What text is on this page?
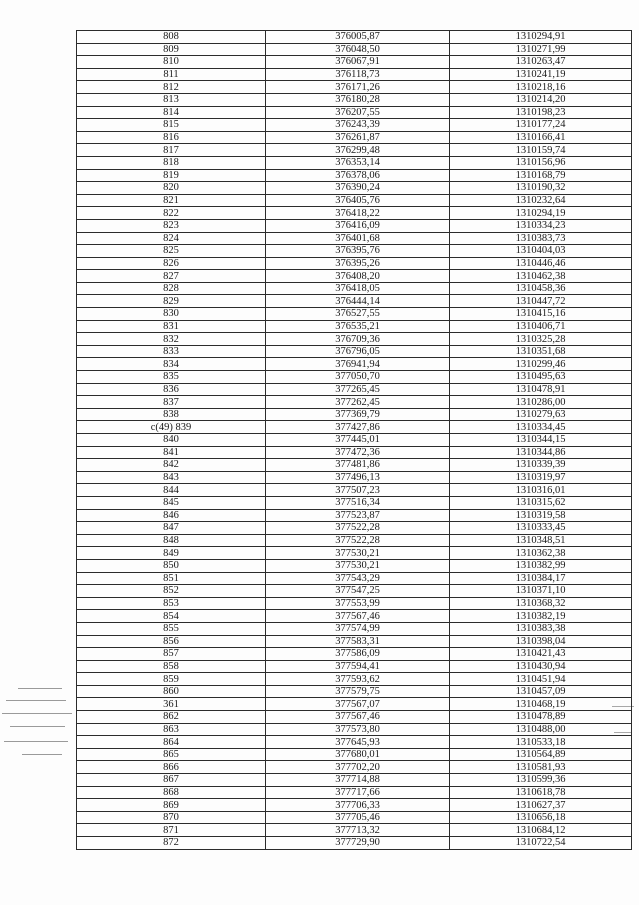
808	376005,87	1310294,91
809	376048,50	1310271,99
810	376067,91	1310263,47
811	376118,73	1310241,19
812	376171,26	1310218,16
813	376180,28	1310214,20
814	376207,55	1310198,23
815	376243,39	1310177,24
816	376261,87	1310166,41
817	376299,48	1310159,74
818	376353,14	1310156,96
819	376378,06	1310168,79
820	376390,24	1310190,32
821	376405,76	1310232,64
822	376418,22	1310294,19
823	376416,09	1310334,23
824	376401,68	1310383,73
825	376395,76	1310404,03
826	376395,26	1310446,46
827	376408,20	1310462,38
828	376418,05	1310458,36
829	376444,14	1310447,72
830	376527,55	1310415,16
831	376535,21	1310406,71
832	376709,36	1310325,28
833	376796,05	1310351,68
834	376941,94	1310299,46
835	377050,70	1310495,63
836	377265,45	1310478,91
837	377262,45	1310286,00
838	377369,79	1310279,63
c(49) 839	377427,86	1310334,45
840	377445,01	1310344,15
841	377472,36	1310344,86
842	377481,86	1310339,39
843	377496,13	1310319,97
844	377507,23	1310316,01
845	377516,34	1310315,62
846	377523,87	1310319,58
847	377522,28	1310333,45
848	377522,28	1310348,51
849	377530,21	1310362,38
850	377530,21	1310382,99
851	377543,29	1310384,17
852	377547,25	1310371,10
853	377553,99	1310368,32
854	377567,46	1310382,19
855	377574,99	1310383,38
856	377583,31	1310398,04
857	377586,09	1310421,43
858	377594,41	1310430,94
859	377593,62	1310451,94
860	377579,75	1310457,09
361	377567,07	1310468,19
862	377567,46	1310478,89
863	377573,80	1310488,00
864	377645,93	1310533,18
865	377680,01	1310564,89
866	377702,20	1310581,93
867	377714,88	1310599,36
868	377717,66	1310618,78
869	377706,33	1310627,37
870	377705,46	1310656,18
871	377713,32	1310684,12
872	377729,90	1310722,54
